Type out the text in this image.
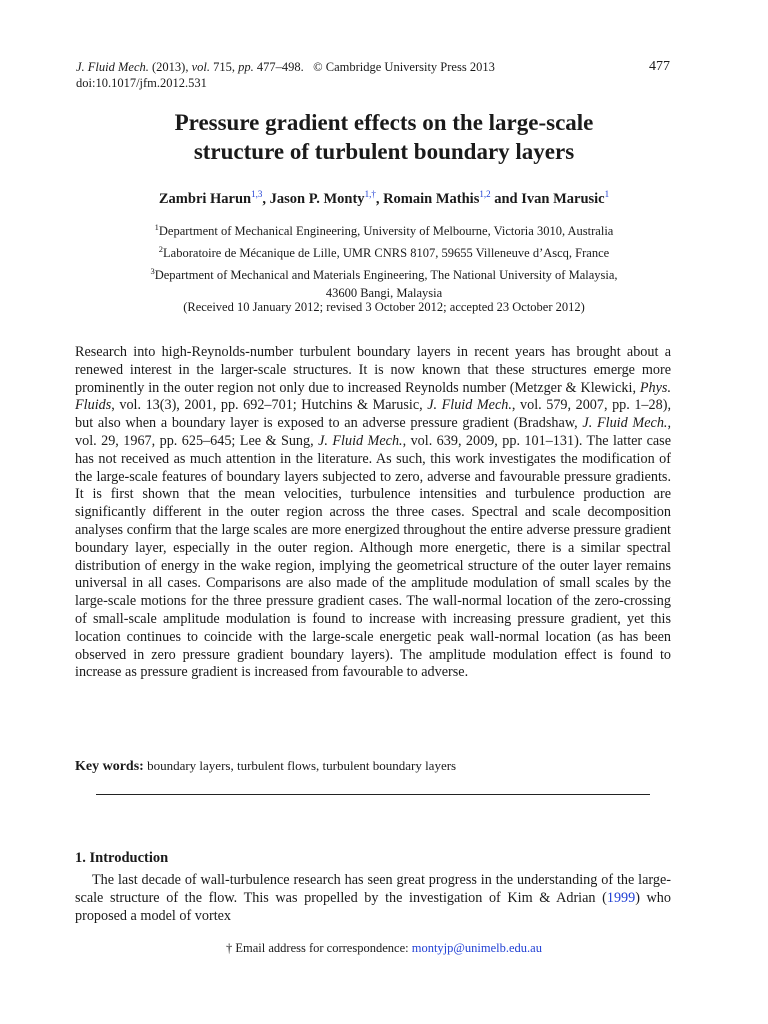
J. Fluid Mech. (2013), vol. 715, pp. 477–498. © Cambridge University Press 2013
doi:10.1017/jfm.2012.531
477
Pressure gradient effects on the large-scale
structure of turbulent boundary layers
Zambri Harun$^{1,3}$, Jason P. Monty$^{1,\dagger}$, Romain Mathis$^{1,2}$ and Ivan Marusic$^1$
$^1$Department of Mechanical Engineering, University of Melbourne, Victoria 3010, Australia
$^2$Laboratoire de Mécanique de Lille, UMR CNRS 8107, 59655 Villeneuve d’Ascq, France
$^3$Department of Mechanical and Materials Engineering, The National University of Malaysia,
43600 Bangi, Malaysia
(Received 10 January 2012; revised 3 October 2012; accepted 23 October 2012)
Research into high-Reynolds-number turbulent boundary layers in recent years has brought about a renewed interest in the larger-scale structures. It is now known that these structures emerge more prominently in the outer region not only due to increased Reynolds number (Metzger & Klewicki, Phys. Fluids, vol. 13(3), 2001, pp. 692–701; Hutchins & Marusic, J. Fluid Mech., vol. 579, 2007, pp. 1–28), but also when a boundary layer is exposed to an adverse pressure gradient (Bradshaw, J. Fluid Mech., vol. 29, 1967, pp. 625–645; Lee & Sung, J. Fluid Mech., vol. 639, 2009, pp. 101–131). The latter case has not received as much attention in the literature. As such, this work investigates the modification of the large-scale features of boundary layers subjected to zero, adverse and favourable pressure gradients. It is first shown that the mean velocities, turbulence intensities and turbulence production are significantly different in the outer region across the three cases. Spectral and scale decomposition analyses confirm that the large scales are more energized throughout the entire adverse pressure gradient boundary layer, especially in the outer region. Although more energetic, there is a similar spectral distribution of energy in the wake region, implying the geometrical structure of the outer layer remains universal in all cases. Comparisons are also made of the amplitude modulation of small scales by the large-scale motions for the three pressure gradient cases. The wall-normal location of the zero-crossing of small-scale amplitude modulation is found to increase with increasing pressure gradient, yet this location continues to coincide with the large-scale energetic peak wall-normal location (as has been observed in zero pressure gradient boundary layers). The amplitude modulation effect is found to increase as pressure gradient is increased from favourable to adverse.
Key words: boundary layers, turbulent flows, turbulent boundary layers
1. Introduction
The last decade of wall-turbulence research has seen great progress in the understanding of the large-scale structure of the flow. This was propelled by the investigation of Kim & Adrian (1999) who proposed a model of vortex
† Email address for correspondence: montyjp@unimelb.edu.au
